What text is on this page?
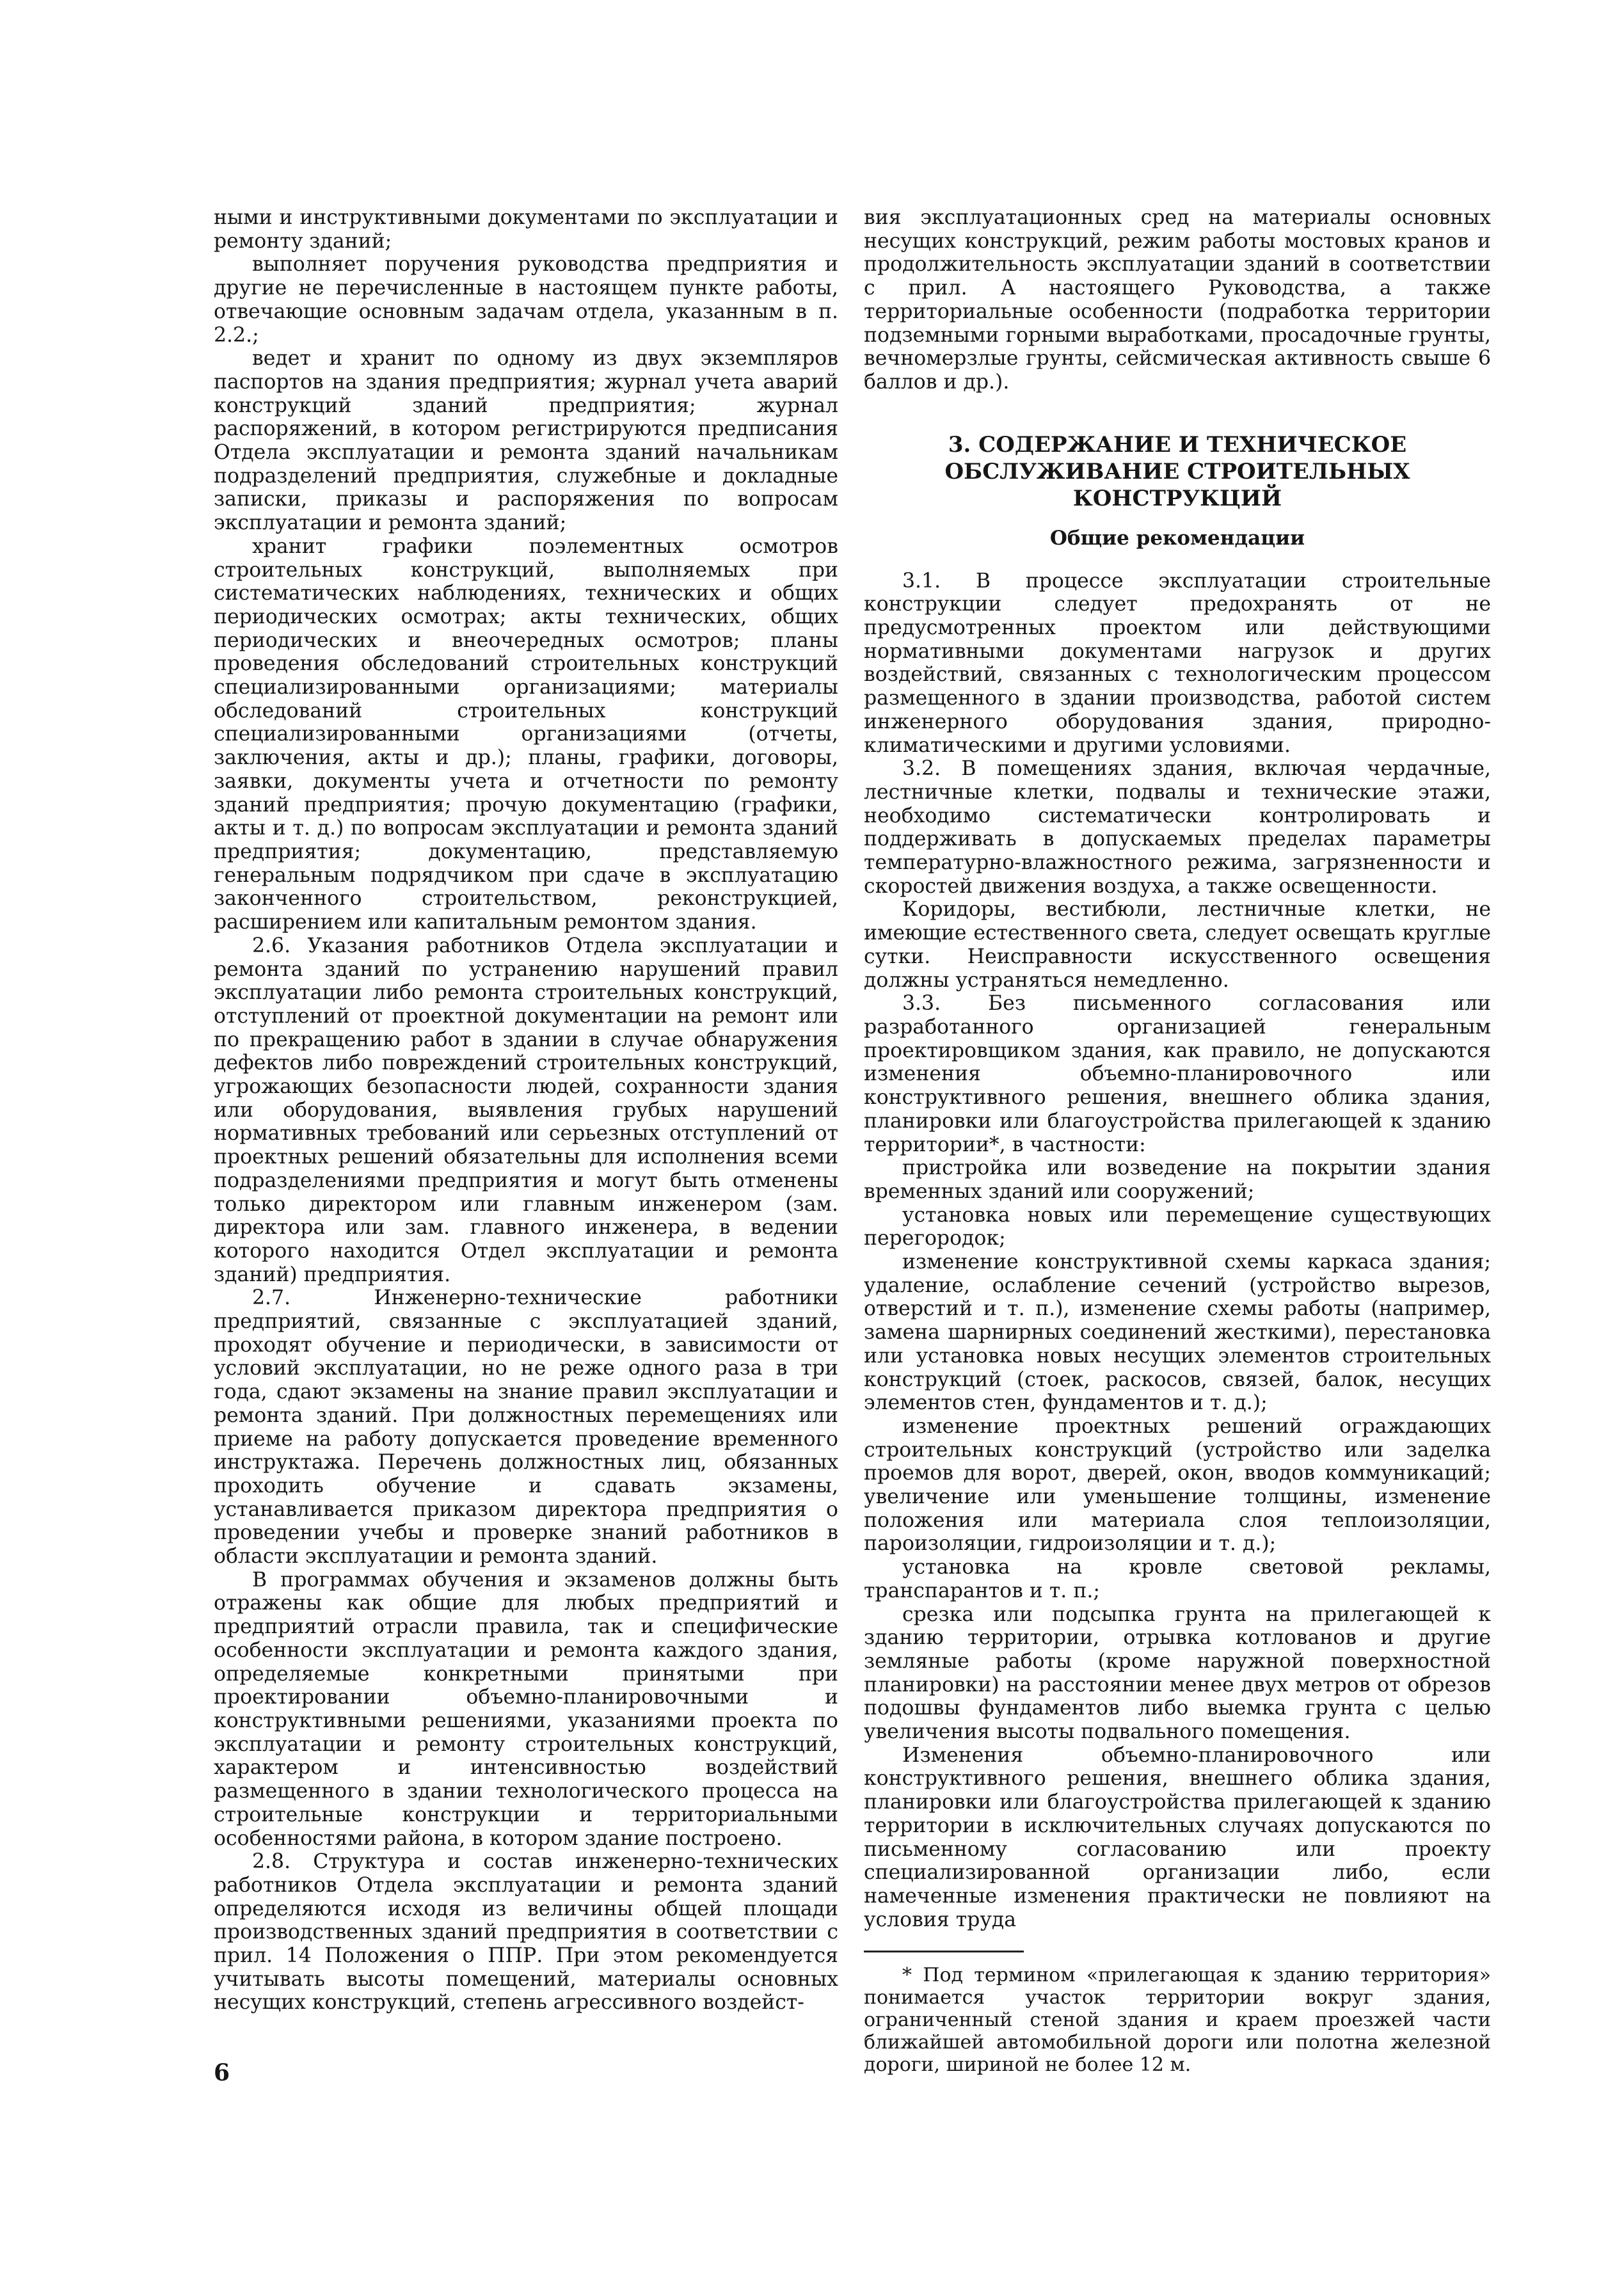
ными и инструктивными документами по эксплуатации и ремонту зданий;

выполняет поручения руководства предприятия и другие не перечисленные в настоящем пункте работы, отвечающие основным задачам отдела, указанным в п. 2.2.;

ведет и хранит по одному из двух экземпляров паспортов на здания предприятия; журнал учета аварий конструкций зданий предприятия; журнал распоряжений, в котором регистрируются предписания Отдела эксплуатации и ремонта зданий начальникам подразделений предприятия, служебные и докладные записки, приказы и распоряжения по вопросам эксплуатации и ремонта зданий;

хранит графики поэлементных осмотров строительных конструкций, выполняемых при систематических наблюдениях, технических и общих периодических осмотрах; акты технических, общих периодических и внеочередных осмотров; планы проведения обследований строительных конструкций специализированными организациями; материалы обследований строительных конструкций специализированными организациями (отчеты, заключения, акты и др.); планы, графики, договоры, заявки, документы учета и отчетности по ремонту зданий предприятия; прочую документацию (графики, акты и т. д.) по вопросам эксплуатации и ремонта зданий предприятия; документацию, представляемую генеральным подрядчиком при сдаче в эксплуатацию законченного строительством, реконструкцией, расширением или капитальным ремонтом здания.

2.6. Указания работников Отдела эксплуатации и ремонта зданий по устранению нарушений правил эксплуатации либо ремонта строительных конструкций, отступлений от проектной документации на ремонт или по прекращению работ в здании в случае обнаружения дефектов либо повреждений строительных конструкций, угрожающих безопасности людей, сохранности здания или оборудования, выявления грубых нарушений нормативных требований или серьезных отступлений от проектных решений обязательны для исполнения всеми подразделениями предприятия и могут быть отменены только директором или главным инженером (зам. директора или зам. главного инженера, в ведении которого находится Отдел эксплуатации и ремонта зданий) предприятия.

2.7. Инженерно-технические работники предприятий, связанные с эксплуатацией зданий, проходят обучение и периодически, в зависимости от условий эксплуатации, но не реже одного раза в три года, сдают экзамены на знание правил эксплуатации и ремонта зданий. При должностных перемещениях или приеме на работу допускается проведение временного инструктажа. Перечень должностных лиц, обязанных проходить обучение и сдавать экзамены, устанавливается приказом директора предприятия о проведении учебы и проверке знаний работников в области эксплуатации и ремонта зданий.

В программах обучения и экзаменов должны быть отражены как общие для любых предприятий и предприятий отрасли правила, так и специфические особенности эксплуатации и ремонта каждого здания, определяемые конкретными принятыми при проектировании объемно-планировочными и конструктивными решениями, указаниями проекта по эксплуатации и ремонту строительных конструкций, характером и интенсивностью воздействий размещенного в здании технологического процесса на строительные конструкции и территориальными особенностями района, в котором здание построено.

2.8. Структура и состав инженерно-технических работников Отдела эксплуатации и ремонта зданий определяются исходя из величины общей площади производственных зданий предприятия в соответствии с прил. 14 Положения о ППР. При этом рекомендуется учитывать высоты помещений, материалы основных несущих конструкций, степень агрессивного воздейст-

вия эксплуатационных сред на материалы основных несущих конструкций, режим работы мостовых кранов и продолжительность эксплуатации зданий в соответствии с прил. А настоящего Руководства, а также территориальные особенности (подработка территории подземными горными выработками, просадочные грунты, вечномерзлые грунты, сейсмическая активность свыше 6 баллов и др.).

3. СОДЕРЖАНИЕ И ТЕХНИЧЕСКОЕ ОБСЛУЖИВАНИЕ СТРОИТЕЛЬНЫХ КОНСТРУКЦИЙ
Общие рекомендации

3.1. В процессе эксплуатации строительные конструкции следует предохранять от не предусмотренных проектом или действующими нормативными документами нагрузок и других воздействий, связанных с технологическим процессом размещенного в здании производства, работой систем инженерного оборудования здания, природно-климатическими и другими условиями.

3.2. В помещениях здания, включая чердачные, лестничные клетки, подвалы и технические этажи, необходимо систематически контролировать и поддерживать в допускаемых пределах параметры температурно-влажностного режима, загрязненности и скоростей движения воздуха, а также освещенности.

Коридоры, вестибюли, лестничные клетки, не имеющие естественного света, следует освещать круглые сутки. Неисправности искусственного освещения должны устраняться немедленно.

3.3. Без письменного согласования или разработанного организацией генеральным проектировщиком здания, как правило, не допускаются изменения объемно-планировочного или конструктивного решения, внешнего облика здания, планировки или благоустройства прилегающей к зданию территории*, в частности:

пристройка или возведение на покрытии здания временных зданий или сооружений;

установка новых или перемещение существующих перегородок;

изменение конструктивной схемы каркаса здания; удаление, ослабление сечений (устройство вырезов, отверстий и т. п.), изменение схемы работы (например, замена шарнирных соединений жесткими), перестановка или установка новых несущих элементов строительных конструкций (стоек, раскосов, связей, балок, несущих элементов стен, фундаментов и т. д.);

изменение проектных решений ограждающих строительных конструкций (устройство или заделка проемов для ворот, дверей, окон, вводов коммуникаций; увеличение или уменьшение толщины, изменение положения или материала слоя теплоизоляции, пароизоляции, гидроизоляции и т. д.);

установка на кровле световой рекламы, транспарантов и т. п.;

срезка или подсыпка грунта на прилегающей к зданию территории, отрывка котлованов и другие земляные работы (кроме наружной поверхностной планировки) на расстоянии менее двух метров от обрезов подошвы фундаментов либо выемка грунта с целью увеличения высоты подвального помещения.

Изменения объемно-планировочного или конструктивного решения, внешнего облика здания, планировки или благоустройства прилегающей к зданию территории в исключительных случаях допускаются по письменному согласованию или проекту специализированной организации либо, если намеченные изменения практически не повлияют на условия труда

* Под термином «прилегающая к зданию территория» понимается участок территории вокруг здания, ограниченный стеной здания и краем проезжей части ближайшей автомобильной дороги или полотна железной дороги, шириной не более 12 м.

6
